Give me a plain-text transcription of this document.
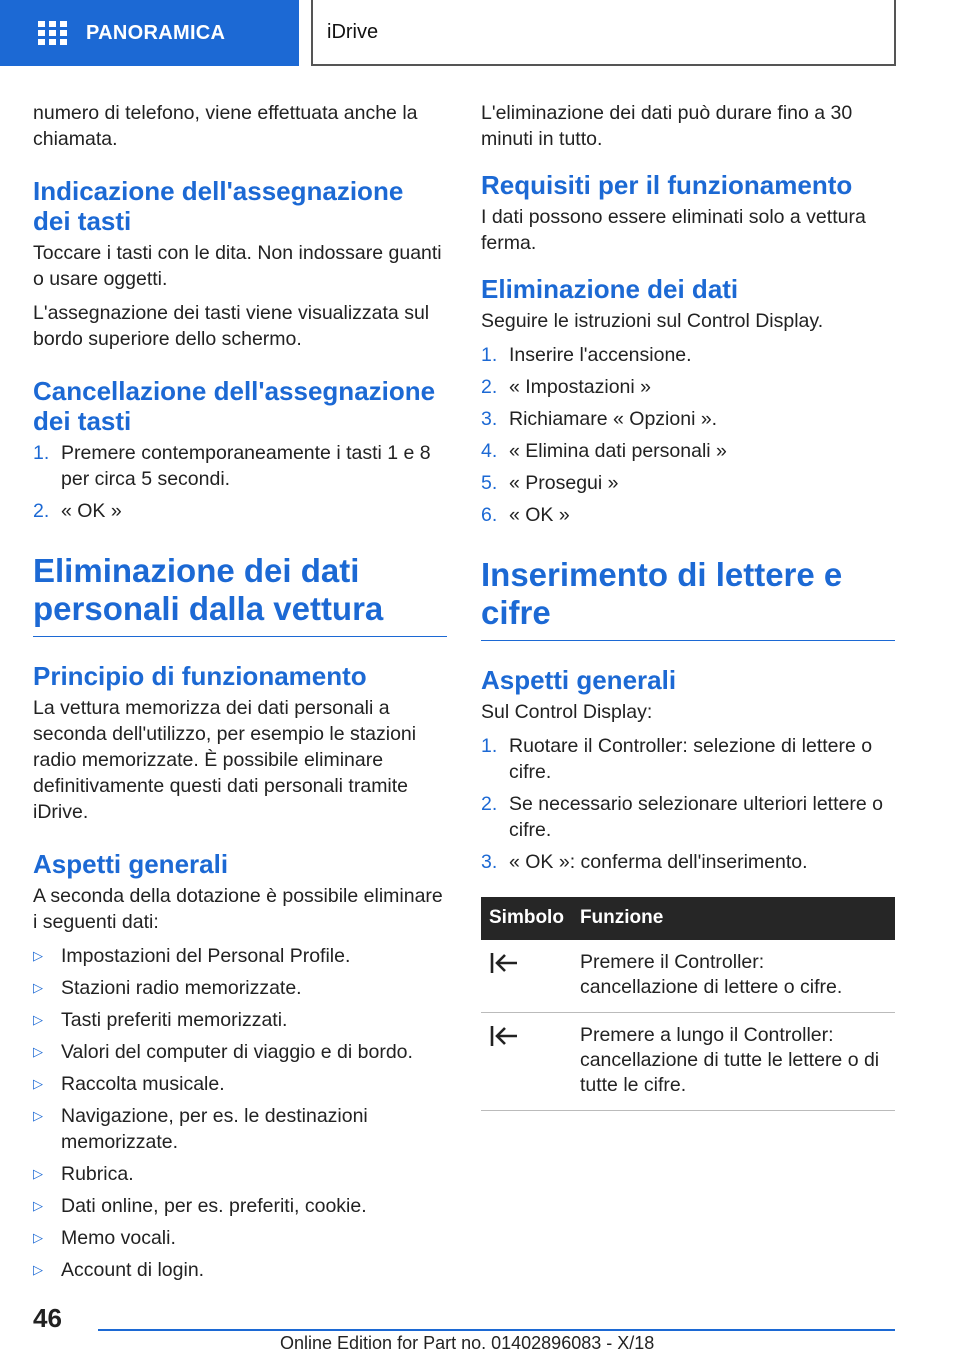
PANORAMICA	iDrive

numero di telefono, viene effettuata anche la chiamata.

Indicazione dell'assegnazione dei tasti

Toccare i tasti con le dita. Non indossare guanti o usare oggetti.

L'assegnazione dei tasti viene visualizzata sul bordo superiore dello schermo.

Cancellazione dell'assegnazione dei tasti
1. Premere contemporaneamente i tasti 1 e 8 per circa 5 secondi.
2. « OK »
Eliminazione dei dati personali dalla vettura
Principio di funzionamento

La vettura memorizza dei dati personali a seconda dell'utilizzo, per esempio le stazioni radio memorizzate. È possibile eliminare definitivamente questi dati personali tramite iDrive.

Aspetti generali

A seconda della dotazione è possibile eliminare i seguenti dati:

▷ Impostazioni del Personal Profile.
▷ Stazioni radio memorizzate.
▷ Tasti preferiti memorizzati.
▷ Valori del computer di viaggio e di bordo.
▷ Raccolta musicale.
▷ Navigazione, per es. le destinazioni memorizzate.
▷ Rubrica.
▷ Dati online, per es. preferiti, cookie.
▷ Memo vocali.
▷ Account di login.

L'eliminazione dei dati può durare fino a 30 minuti in tutto.

Requisiti per il funzionamento

I dati possono essere eliminati solo a vettura ferma.

Eliminazione dei dati

Seguire le istruzioni sul Control Display.

1. Inserire l'accensione.
2. « Impostazioni »
3. Richiamare « Opzioni ».
4. « Elimina dati personali »
5. « Prosegui »
6. « OK »
Inserimento di lettere e cifre
Aspetti generali

Sul Control Display:

1. Ruotare il Controller: selezione di lettere o cifre.
2. Se necessario selezionare ulteriori lettere o cifre.
3. « OK »: conferma dell'inserimento.
Simbolo	Funzione

	Premere il Controller: cancellazione di lettere o cifre.

	Premere a lungo il Controller: cancellazione di tutte le lettere o di tutte le cifre.
46
Online Edition for Part no. 01402896083 - X/18
